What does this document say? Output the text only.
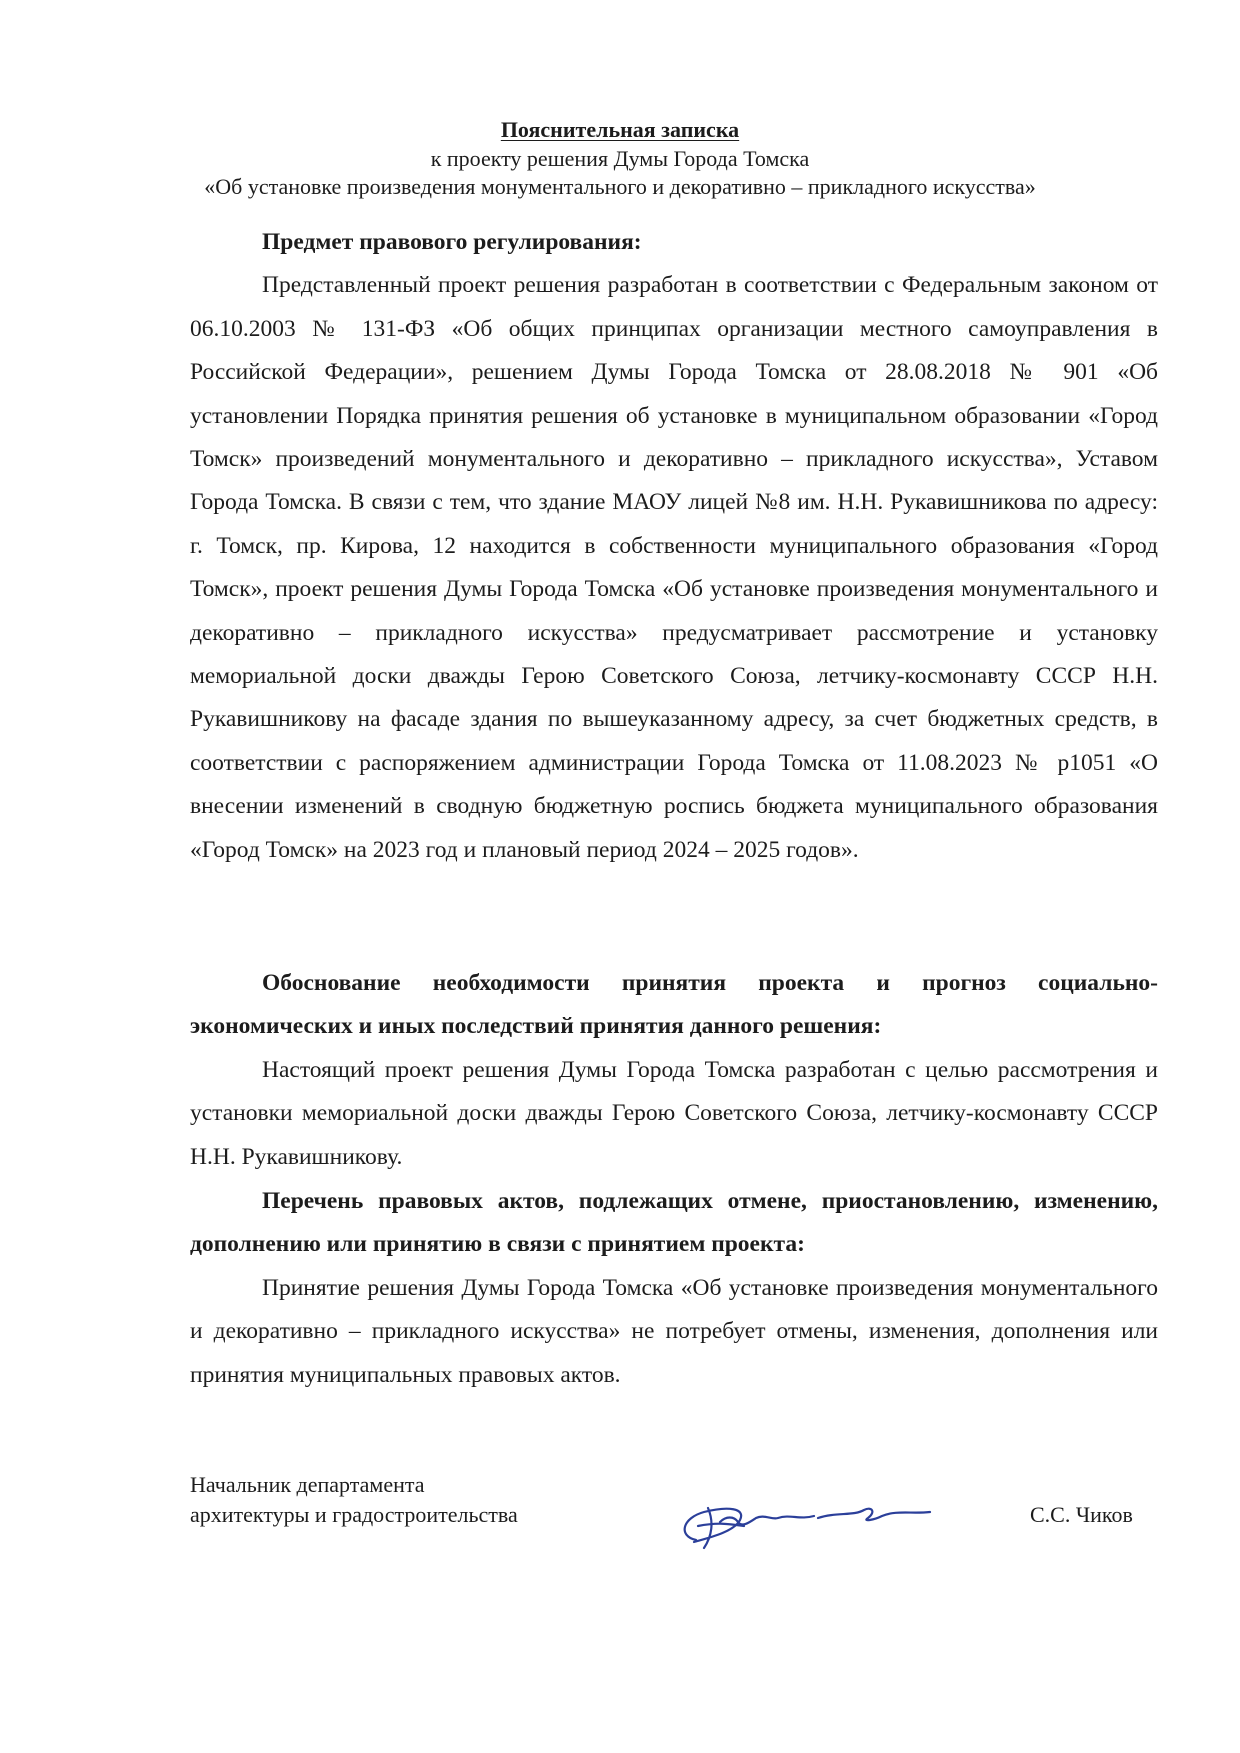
Пояснительная записка
к проекту решения Думы Города Томска
«Об установке произведения монументального и декоративно – прикладного искусства»

Предмет правового регулирования:

Представленный проект решения разработан в соответствии с Федеральным законом от 06.10.2003 № 131-ФЗ «Об общих принципах организации местного самоуправления в Российской Федерации», решением Думы Города Томска от 28.08.2018 № 901 «Об установлении Порядка принятия решения об установке в муниципальном образовании «Город Томск» произведений монументального и декоративно – прикладного искусства», Уставом Города Томска. В связи с тем, что здание МАОУ лицей №8 им. Н.Н. Рукавишникова по адресу: г. Томск, пр. Кирова, 12 находится в собственности муниципального образования «Город Томск», проект решения Думы Города Томска «Об установке произведения монументального и декоративно – прикладного искусства» предусматривает рассмотрение и установку мемориальной доски дважды Герою Советского Союза, летчику-космонавту СССР Н.Н. Рукавишникову на фасаде здания по вышеуказанному адресу, за счет бюджетных средств, в соответствии с распоряжением администрации Города Томска от 11.08.2023 № р1051 «О внесении изменений в сводную бюджетную роспись бюджета муниципального образования «Город Томск» на 2023 год и плановый период 2024 – 2025 годов».

Обоснование необходимости принятия проекта и прогноз социально-экономических и иных последствий принятия данного решения:

Настоящий проект решения Думы Города Томска разработан с целью рассмотрения и установки мемориальной доски дважды Герою Советского Союза, летчику-космонавту СССР Н.Н. Рукавишникову.

Перечень правовых актов, подлежащих отмене, приостановлению, изменению, дополнению или принятию в связи с принятием проекта:

Принятие решения Думы Города Томска «Об установке произведения монументального и декоративно – прикладного искусства» не потребует отмены, изменения, дополнения или принятия муниципальных правовых актов.

Начальник департамента
архитектуры и градостроительства	С.С. Чиков
